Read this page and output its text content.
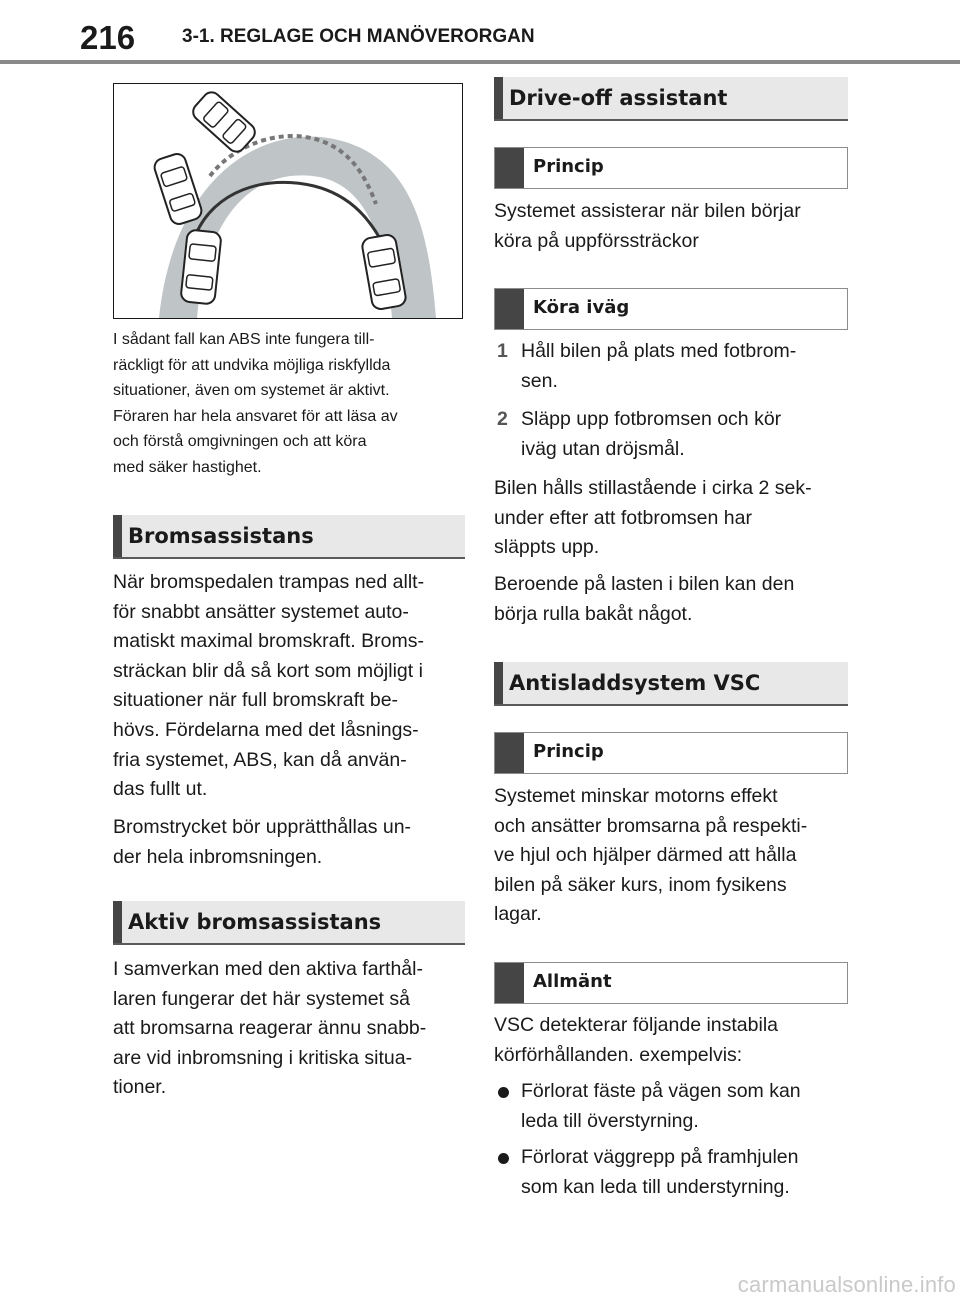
216 3-1. REGLAGE OCH MANÖVERORGAN
I sådant fall kan ABS inte fungera till-
räckligt för att undvika möjliga riskfyllda
situationer, även om systemet är aktivt.
Föraren har hela ansvaret för att läsa av
och förstå omgivningen och att köra
med säker hastighet.
Bromsassistans
När bromspedalen trampas ned allt-
för snabbt ansätter systemet auto-
matiskt maximal bromskraft. Broms-
sträckan blir då så kort som möjligt i
situationer när full bromskraft be-
hövs. Fördelarna med det låsnings-
fria systemet, ABS, kan då använ-
das fullt ut.
Bromstrycket bör upprätthållas un-
der hela inbromsningen.
Aktiv bromsassistans
I samverkan med den aktiva farthål-
laren fungerar det här systemet så
att bromsarna reagerar ännu snabb-
are vid inbromsning i kritiska situa-
tioner.
Drive-off assistant
Princip
Systemet assisterar när bilen börjar
köra på uppförssträckor
Köra iväg
1 Håll bilen på plats med fotbrom-
sen.
2 Släpp upp fotbromsen och kör
iväg utan dröjsmål.
Bilen hålls stillastående i cirka 2 sek-
under efter att fotbromsen har
släppts upp.
Beroende på lasten i bilen kan den
börja rulla bakåt något.
Antisladdsystem VSC
Princip
Systemet minskar motorns effekt
och ansätter bromsarna på respekti-
ve hjul och hjälper därmed att hålla
bilen på säker kurs, inom fysikens
lagar.
Allmänt
VSC detekterar följande instabila
körförhållanden. exempelvis:
Förlorat fäste på vägen som kan
leda till överstyrning.
Förlorat väggrepp på framhjulen
som kan leda till understyrning.
carmanualsonline.info
